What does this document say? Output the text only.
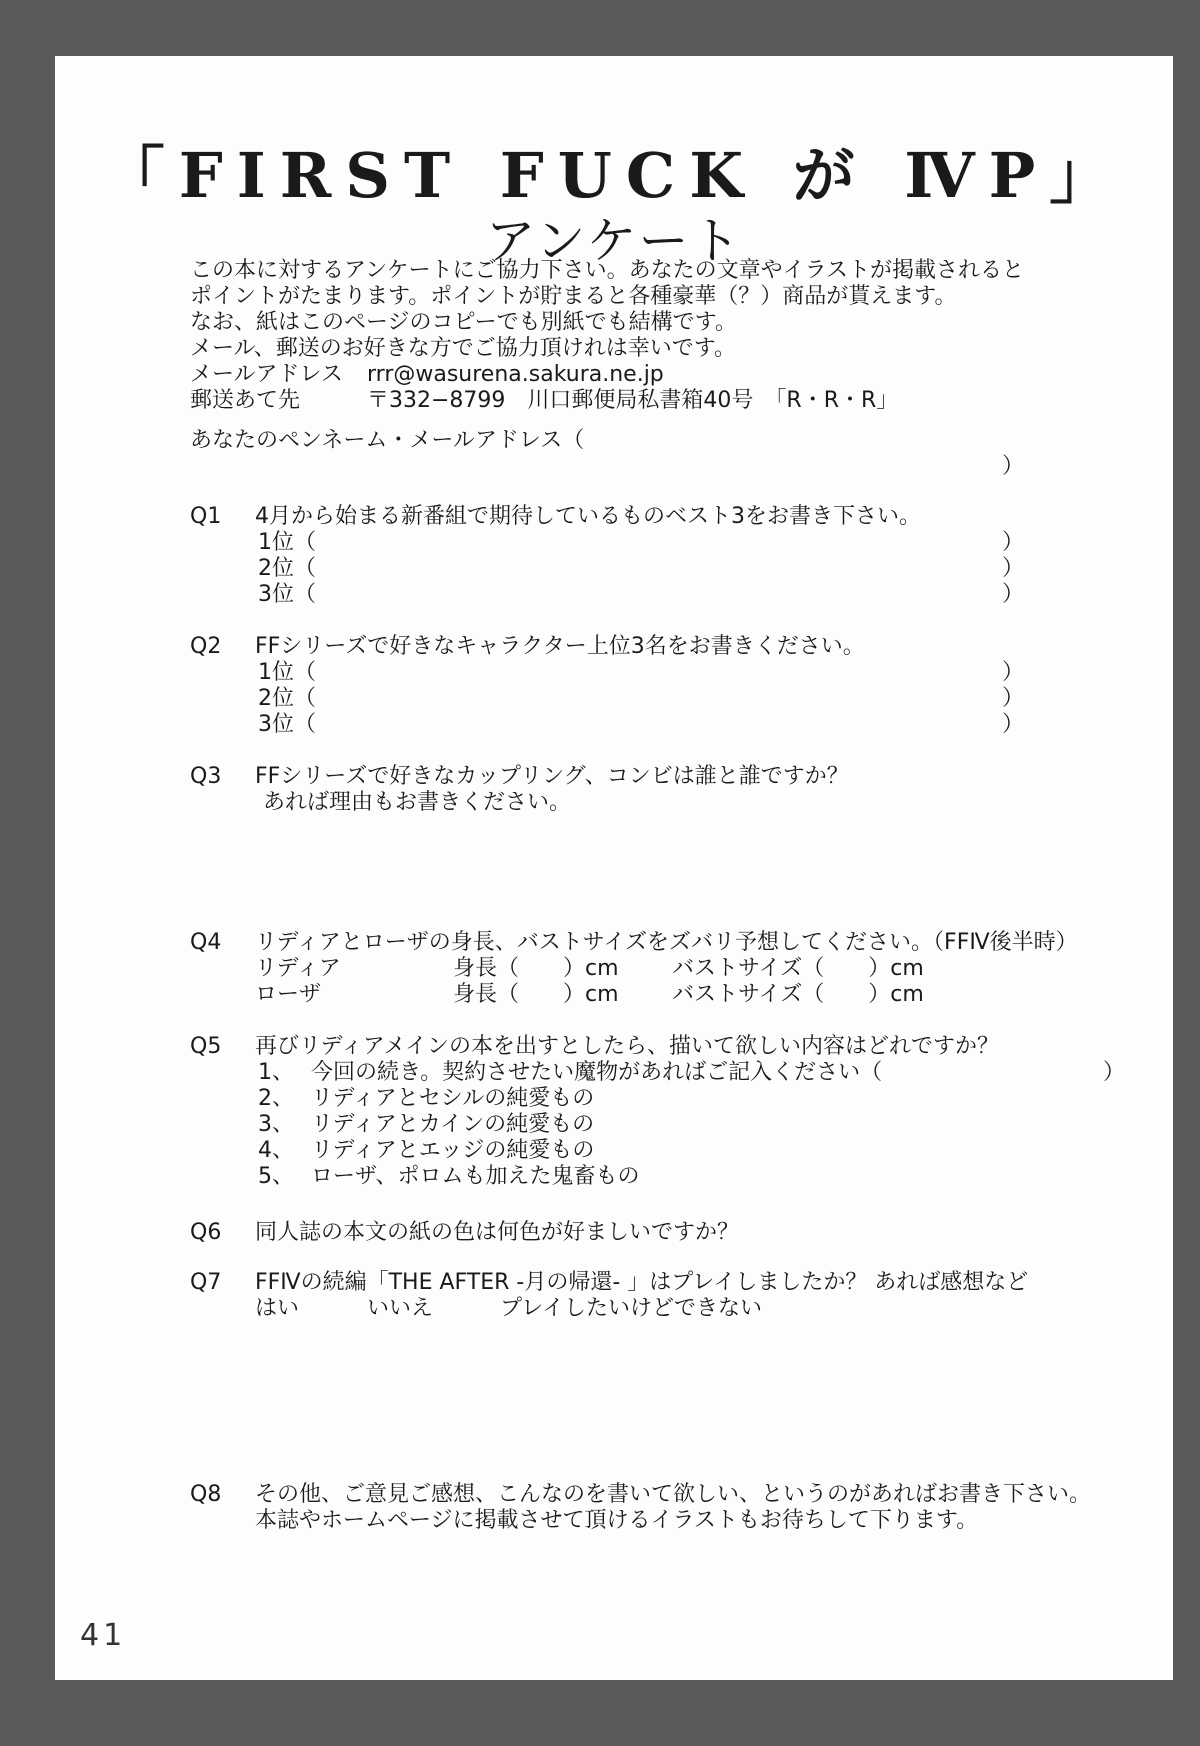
「FIRST FUCK が ⅣP」
アンケート
この本に対するアンケートにご協力下さい。あなたの文章やイラストが掲載されると
ポイントがたまります。ポイントが貯まると各種豪華（？）商品が貰えます。
なお、紙はこのページのコピーでも別紙でも結構です。
メール、郵送のお好きな方でご協力頂けれは幸いです。
メールアドレス rrr@wasurena.sakura.ne.jp
郵送あて先	〒332−8799　川口郵便局私書箱40号　「R・R・R」
あなたのペンネーム・メールアドレス（
）
Q1 4月から始まる新番組で期待しているものベスト3をお書き下さい。
1位（	）
2位（	）
3位（	）
Q2 FFシリーズで好きなキャラクター上位3名をお書きください。
1位（	）
2位（	）
3位（	）
Q3 FFシリーズで好きなカップリング、コンビは誰と誰ですか？
あれば理由もお書きください。
Q4 リディアとローザの身長、バストサイズをズバリ予想してください。（FFⅣ後半時）
リディア	身長（　　）cm バストサイズ（　　）cm
ローザ	身長（　　）cm バストサイズ（　　）cm
Q5 再びリディアメインの本を出すとしたら、描いて欲しい内容はどれですか？
1、 今回の続き。契約させたい魔物があればご記入ください（	）
2、 リディアとセシルの純愛もの
3、 リディアとカインの純愛もの
4、 リディアとエッジの純愛もの
5、 ローザ、ポロムも加えた鬼畜もの
Q6 同人誌の本文の紙の色は何色が好ましいですか？
Q7 FFⅣの続編「THE AFTER -月の帰還- 」はプレイしましたか？ あれば感想など
はい	いいえ	プレイしたいけどできない
Q8 その他、ご意見ご感想、こんなのを書いて欲しい、というのがあればお書き下さい。
本誌やホームページに掲載させて頂けるイラストもお待ちして下ります。
41
